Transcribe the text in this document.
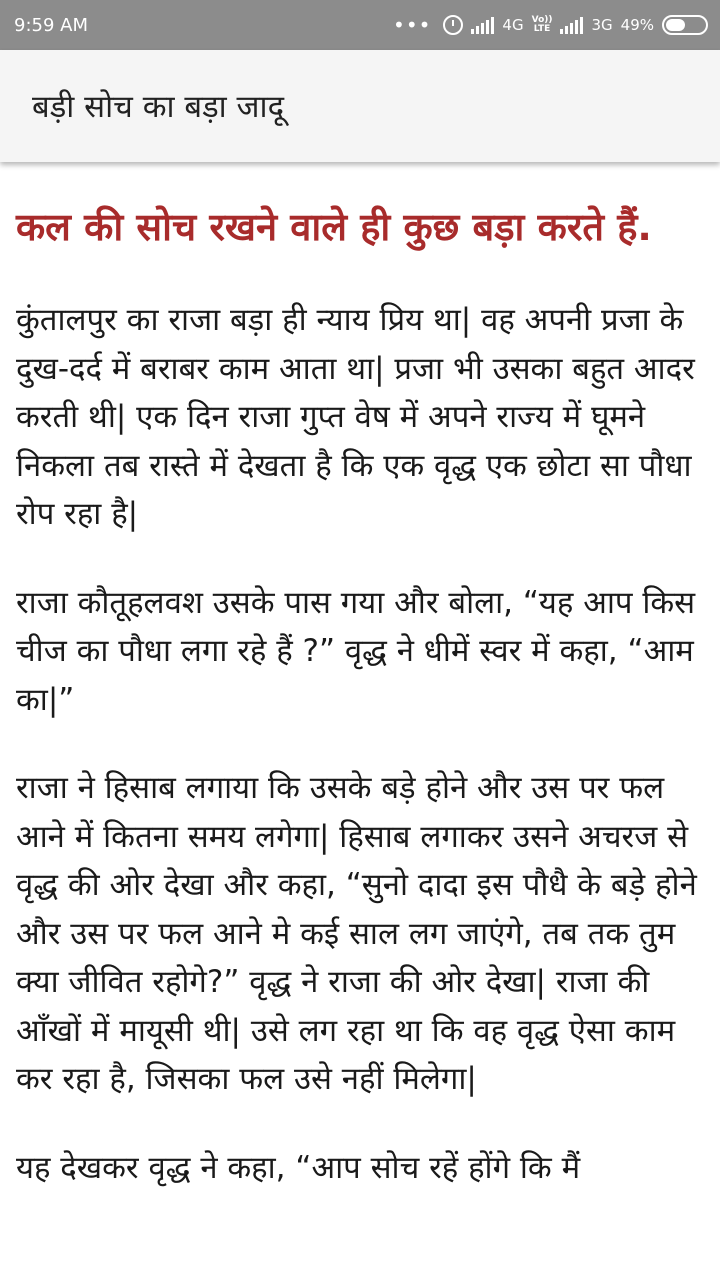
9:59 AM	•••	4G Vo))
LTE	3G 49%
बड़ी सोच का बड़ा जादू
कल की सोच रखने वाले ही कुछ बड़ा करते हैं.

कुंतालपुर का राजा बड़ा ही न्याय प्रिय था| वह अपनी प्रजा के दुख-दर्द में बराबर काम आता था| प्रजा भी उसका बहुत आदर करती थी| एक दिन राजा गुप्त वेष में अपने राज्य में घूमने निकला तब रास्ते में देखता है कि एक वृद्ध एक छोटा सा पौधा रोप रहा है|

राजा कौतूहलवश उसके पास गया और बोला, “यह आप किस चीज का पौधा लगा रहे हैं ?” वृद्ध ने धीमें स्वर में कहा, “आम का|”

राजा ने हिसाब लगाया कि उसके बड़े होने और उस पर फल आने में कितना समय लगेगा| हिसाब लगाकर उसने अचरज से वृद्ध की ओर देखा और कहा, “सुनो दादा इस पौधै के बड़े होने और उस पर फल आने मे कई साल लग जाएंगे, तब तक तुम क्या जीवित रहोगे?” वृद्ध ने राजा की ओर देखा| राजा की आँखों में मायूसी थी| उसे लग रहा था कि वह वृद्ध ऐसा काम कर रहा है, जिसका फल उसे नहीं मिलेगा|

यह देखकर वृद्ध ने कहा, “आप सोच रहें होंगे कि मैं
